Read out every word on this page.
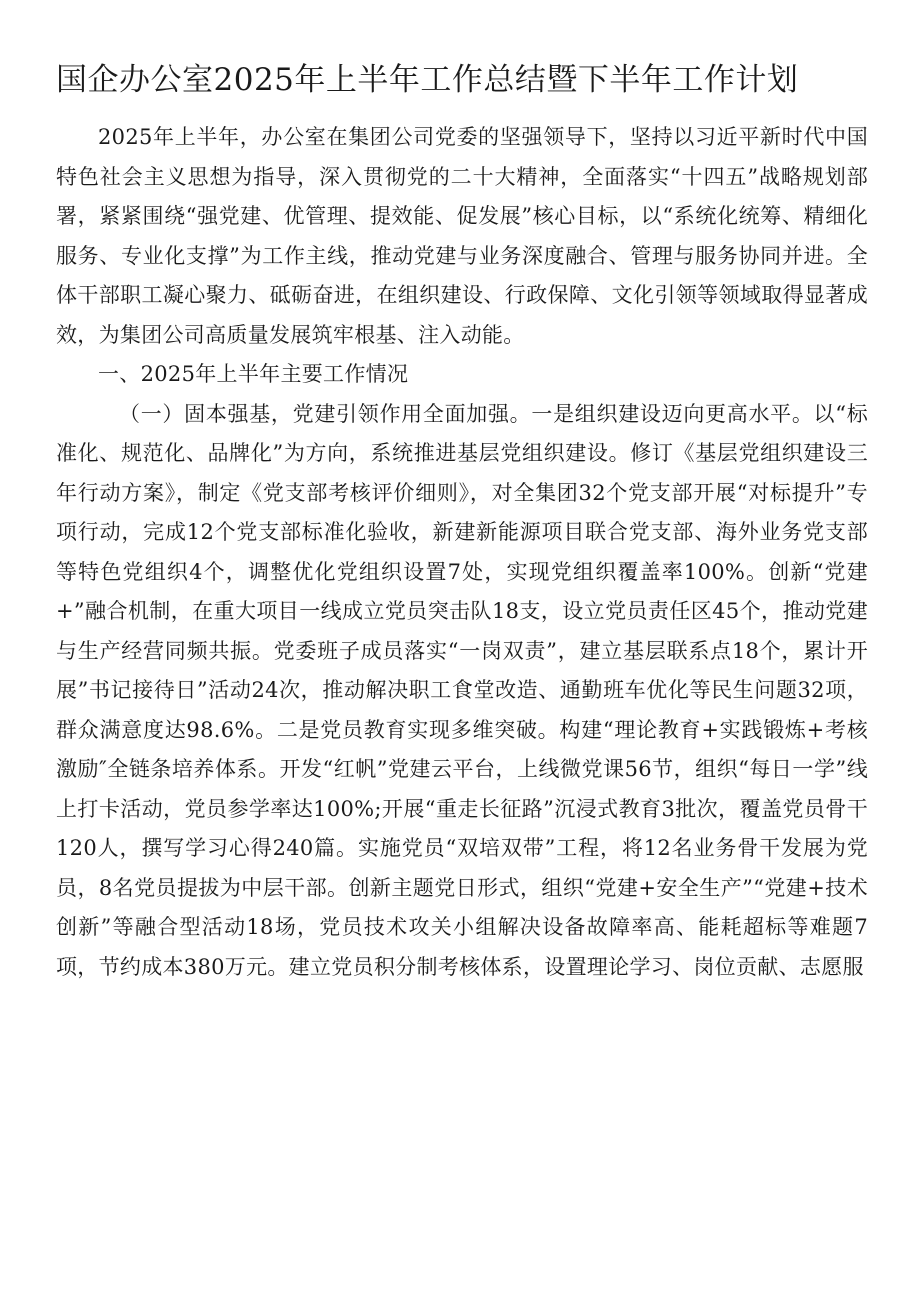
国企办公室2025年上半年工作总结暨下半年工作计划

2025年上半年，办公室在集团公司党委的坚强领导下，坚持以习近平新时代中国特色社会主义思想为指导，深入贯彻党的二十大精神，全面落实“十四五”战略规划部署，紧紧围绕“强党建、优管理、提效能、促发展”核心目标，以“系统化统筹、精细化服务、专业化支撑”为工作主线，推动党建与业务深度融合、管理与服务协同并进。全体干部职工凝心聚力、砥砺奋进，在组织建设、行政保障、文化引领等领域取得显著成效，为集团公司高质量发展筑牢根基、注入动能。

一、2025年上半年主要工作情况

（一）固本强基，党建引领作用全面加强。一是组织建设迈向更高水平。以“标准化、规范化、品牌化”为方向，系统推进基层党组织建设。修订《基层党组织建设三年行动方案》，制定《党支部考核评价细则》，对全集团32个党支部开展“对标提升”专项行动，完成12个党支部标准化验收，新建新能源项目联合党支部、海外业务党支部等特色党组织4个，调整优化党组织设置7处，实现党组织覆盖率100%。创新“党建+”融合机制，在重大项目一线成立党员突击队18支，设立党员责任区45个，推动党建与生产经营同频共振。党委班子成员落实“一岗双责”，建立基层联系点18个，累计开展”书记接待日”活动24次，推动解决职工食堂改造、通勤班车优化等民生问题32项，群众满意度达98.6%。二是党员教育实现多维突破。构建“理论教育+实践锻炼+考核激励″全链条培养体系。开发“红帆”党建云平台，上线微党课56节，组织“每日一学”线上打卡活动，党员参学率达100%;开展“重走长征路”沉浸式教育3批次，覆盖党员骨干120人，撰写学习心得240篇。实施党员“双培双带”工程，将12名业务骨干发展为党员，8名党员提拔为中层干部。创新主题党日形式，组织“党建+安全生产”“党建+技术创新”等融合型活动18场，党员技术攻关小组解决设备故障率高、能耗超标等难题7项，节约成本380万元。建立党员积分制考核体系，设置理论学习、岗位贡献、志愿服
